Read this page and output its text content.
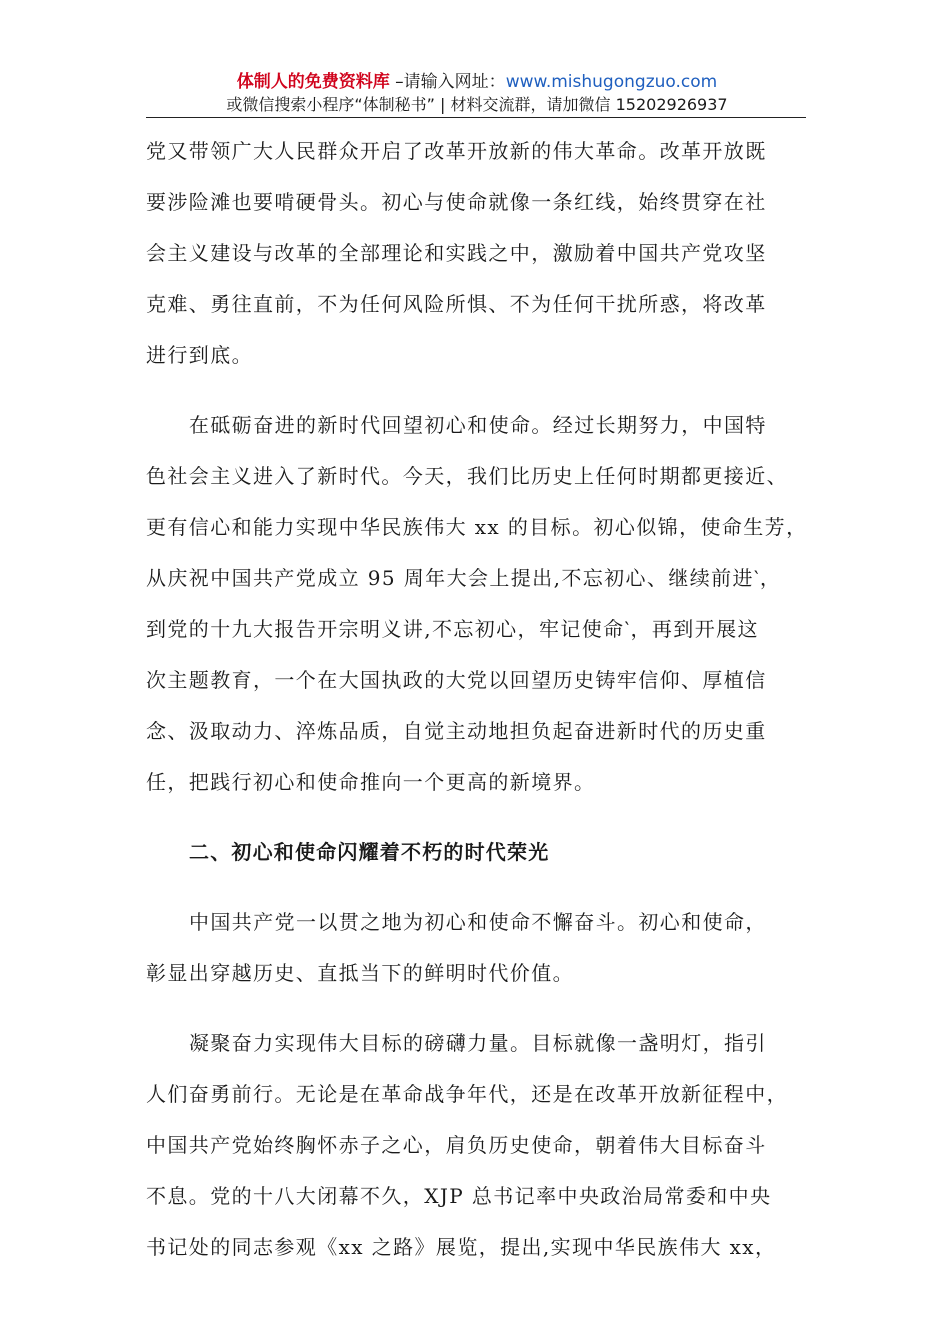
体制人的免费资料库 –请输入网址：www.mishugongzuo.com
或微信搜索小程序“体制秘书” | 材料交流群，请加微信 15202926937
党又带领广大人民群众开启了改革开放新的伟大革命。改革开放既
要涉险滩也要啃硬骨头。初心与使命就像一条红线，始终贯穿在社
会主义建设与改革的全部理论和实践之中，激励着中国共产党攻坚
克难、勇往直前，不为任何风险所惧、不为任何干扰所惑，将改革
进行到底。
在砥砺奋进的新时代回望初心和使命。经过长期努力，中国特
色社会主义进入了新时代。今天，我们比历史上任何时期都更接近、
更有信心和能力实现中华民族伟大 xx 的目标。初心似锦，使命生芳，
从庆祝中国共产党成立 95 周年大会上提出,不忘初心、继续前进‵，
到党的十九大报告开宗明义讲,不忘初心，牢记使命‵，再到开展这
次主题教育，一个在大国执政的大党以回望历史铸牢信仰、厚植信
念、汲取动力、淬炼品质，自觉主动地担负起奋进新时代的历史重
任，把践行初心和使命推向一个更高的新境界。
二、初心和使命闪耀着不朽的时代荣光
中国共产党一以贯之地为初心和使命不懈奋斗。初心和使命，
彰显出穿越历史、直抵当下的鲜明时代价值。
凝聚奋力实现伟大目标的磅礴力量。目标就像一盏明灯，指引
人们奋勇前行。无论是在革命战争年代，还是在改革开放新征程中，
中国共产党始终胸怀赤子之心，肩负历史使命，朝着伟大目标奋斗
不息。党的十八大闭幕不久，XJP 总书记率中央政治局常委和中央
书记处的同志参观《xx 之路》展览，提出,实现中华民族伟大 xx，
